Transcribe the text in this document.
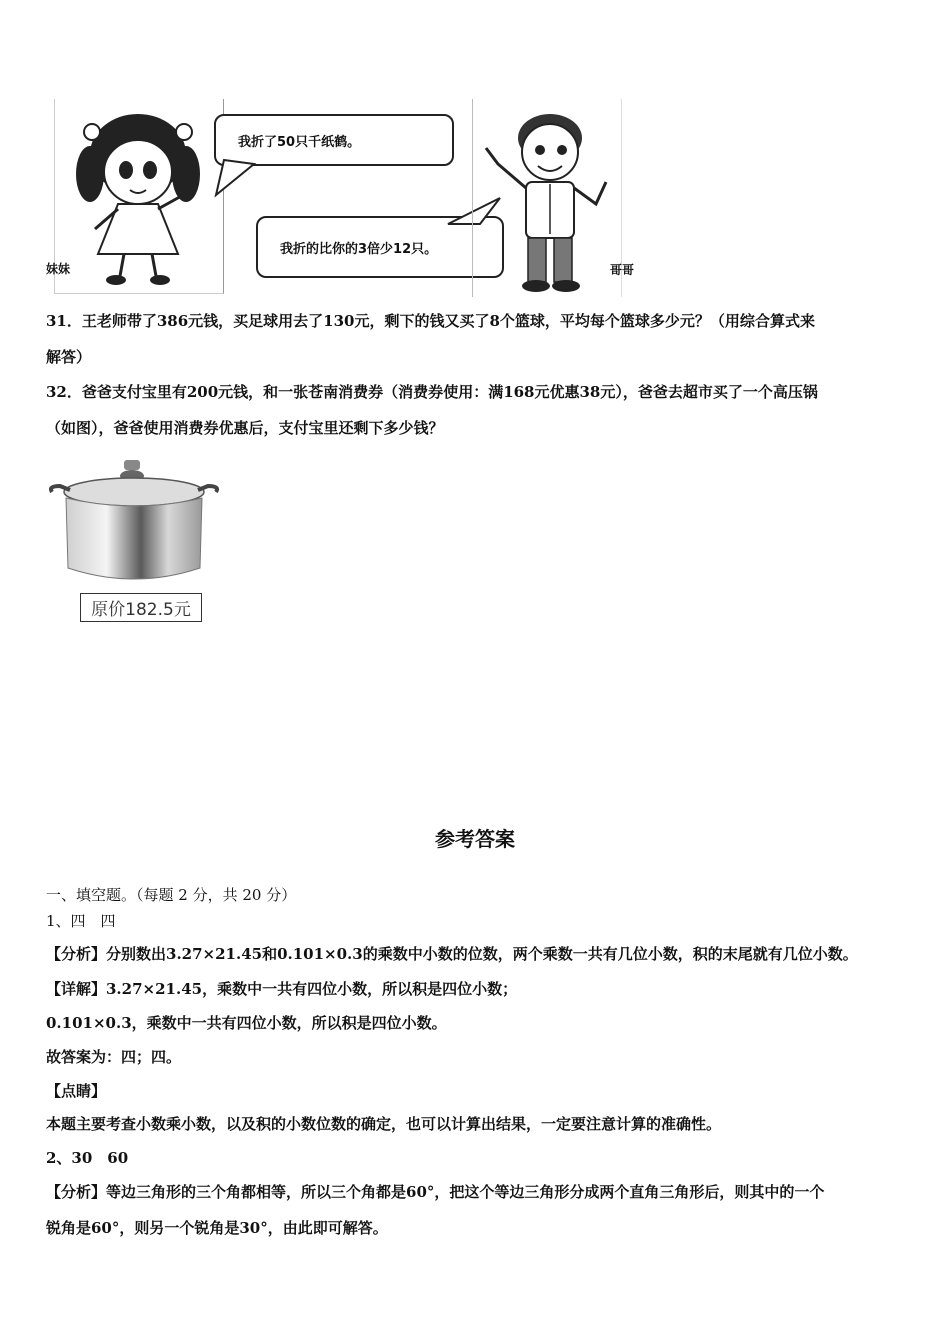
妹妹
我折了50只千纸鹤。
我折的比你的3倍少12只。
哥哥
31．王老师带了386元钱，买足球用去了130元，剩下的钱又买了8个篮球，平均每个篮球多少元？（用综合算式来
解答）
32．爸爸支付宝里有200元钱，和一张苍南消费券（消费券使用：满168元优惠38元），爸爸去超市买了一个高压锅
（如图），爸爸使用消费券优惠后，支付宝里还剩下多少钱？
原价182.5元
参考答案
一、填空题。（每题 2 分，共 20 分）
1、四　四
【分析】分别数出3.27×21.45和0.101×0.3的乘数中小数的位数，两个乘数一共有几位小数，积的末尾就有几位小数。
【详解】3.27×21.45，乘数中一共有四位小数，所以积是四位小数；
0.101×0.3，乘数中一共有四位小数，所以积是四位小数。
故答案为：四；四。
【点睛】
本题主要考查小数乘小数，以及积的小数位数的确定，也可以计算出结果，一定要注意计算的准确性。
2、30　60
【分析】等边三角形的三个角都相等，所以三个角都是60°，把这个等边三角形分成两个直角三角形后，则其中的一个
锐角是60°，则另一个锐角是30°，由此即可解答。
